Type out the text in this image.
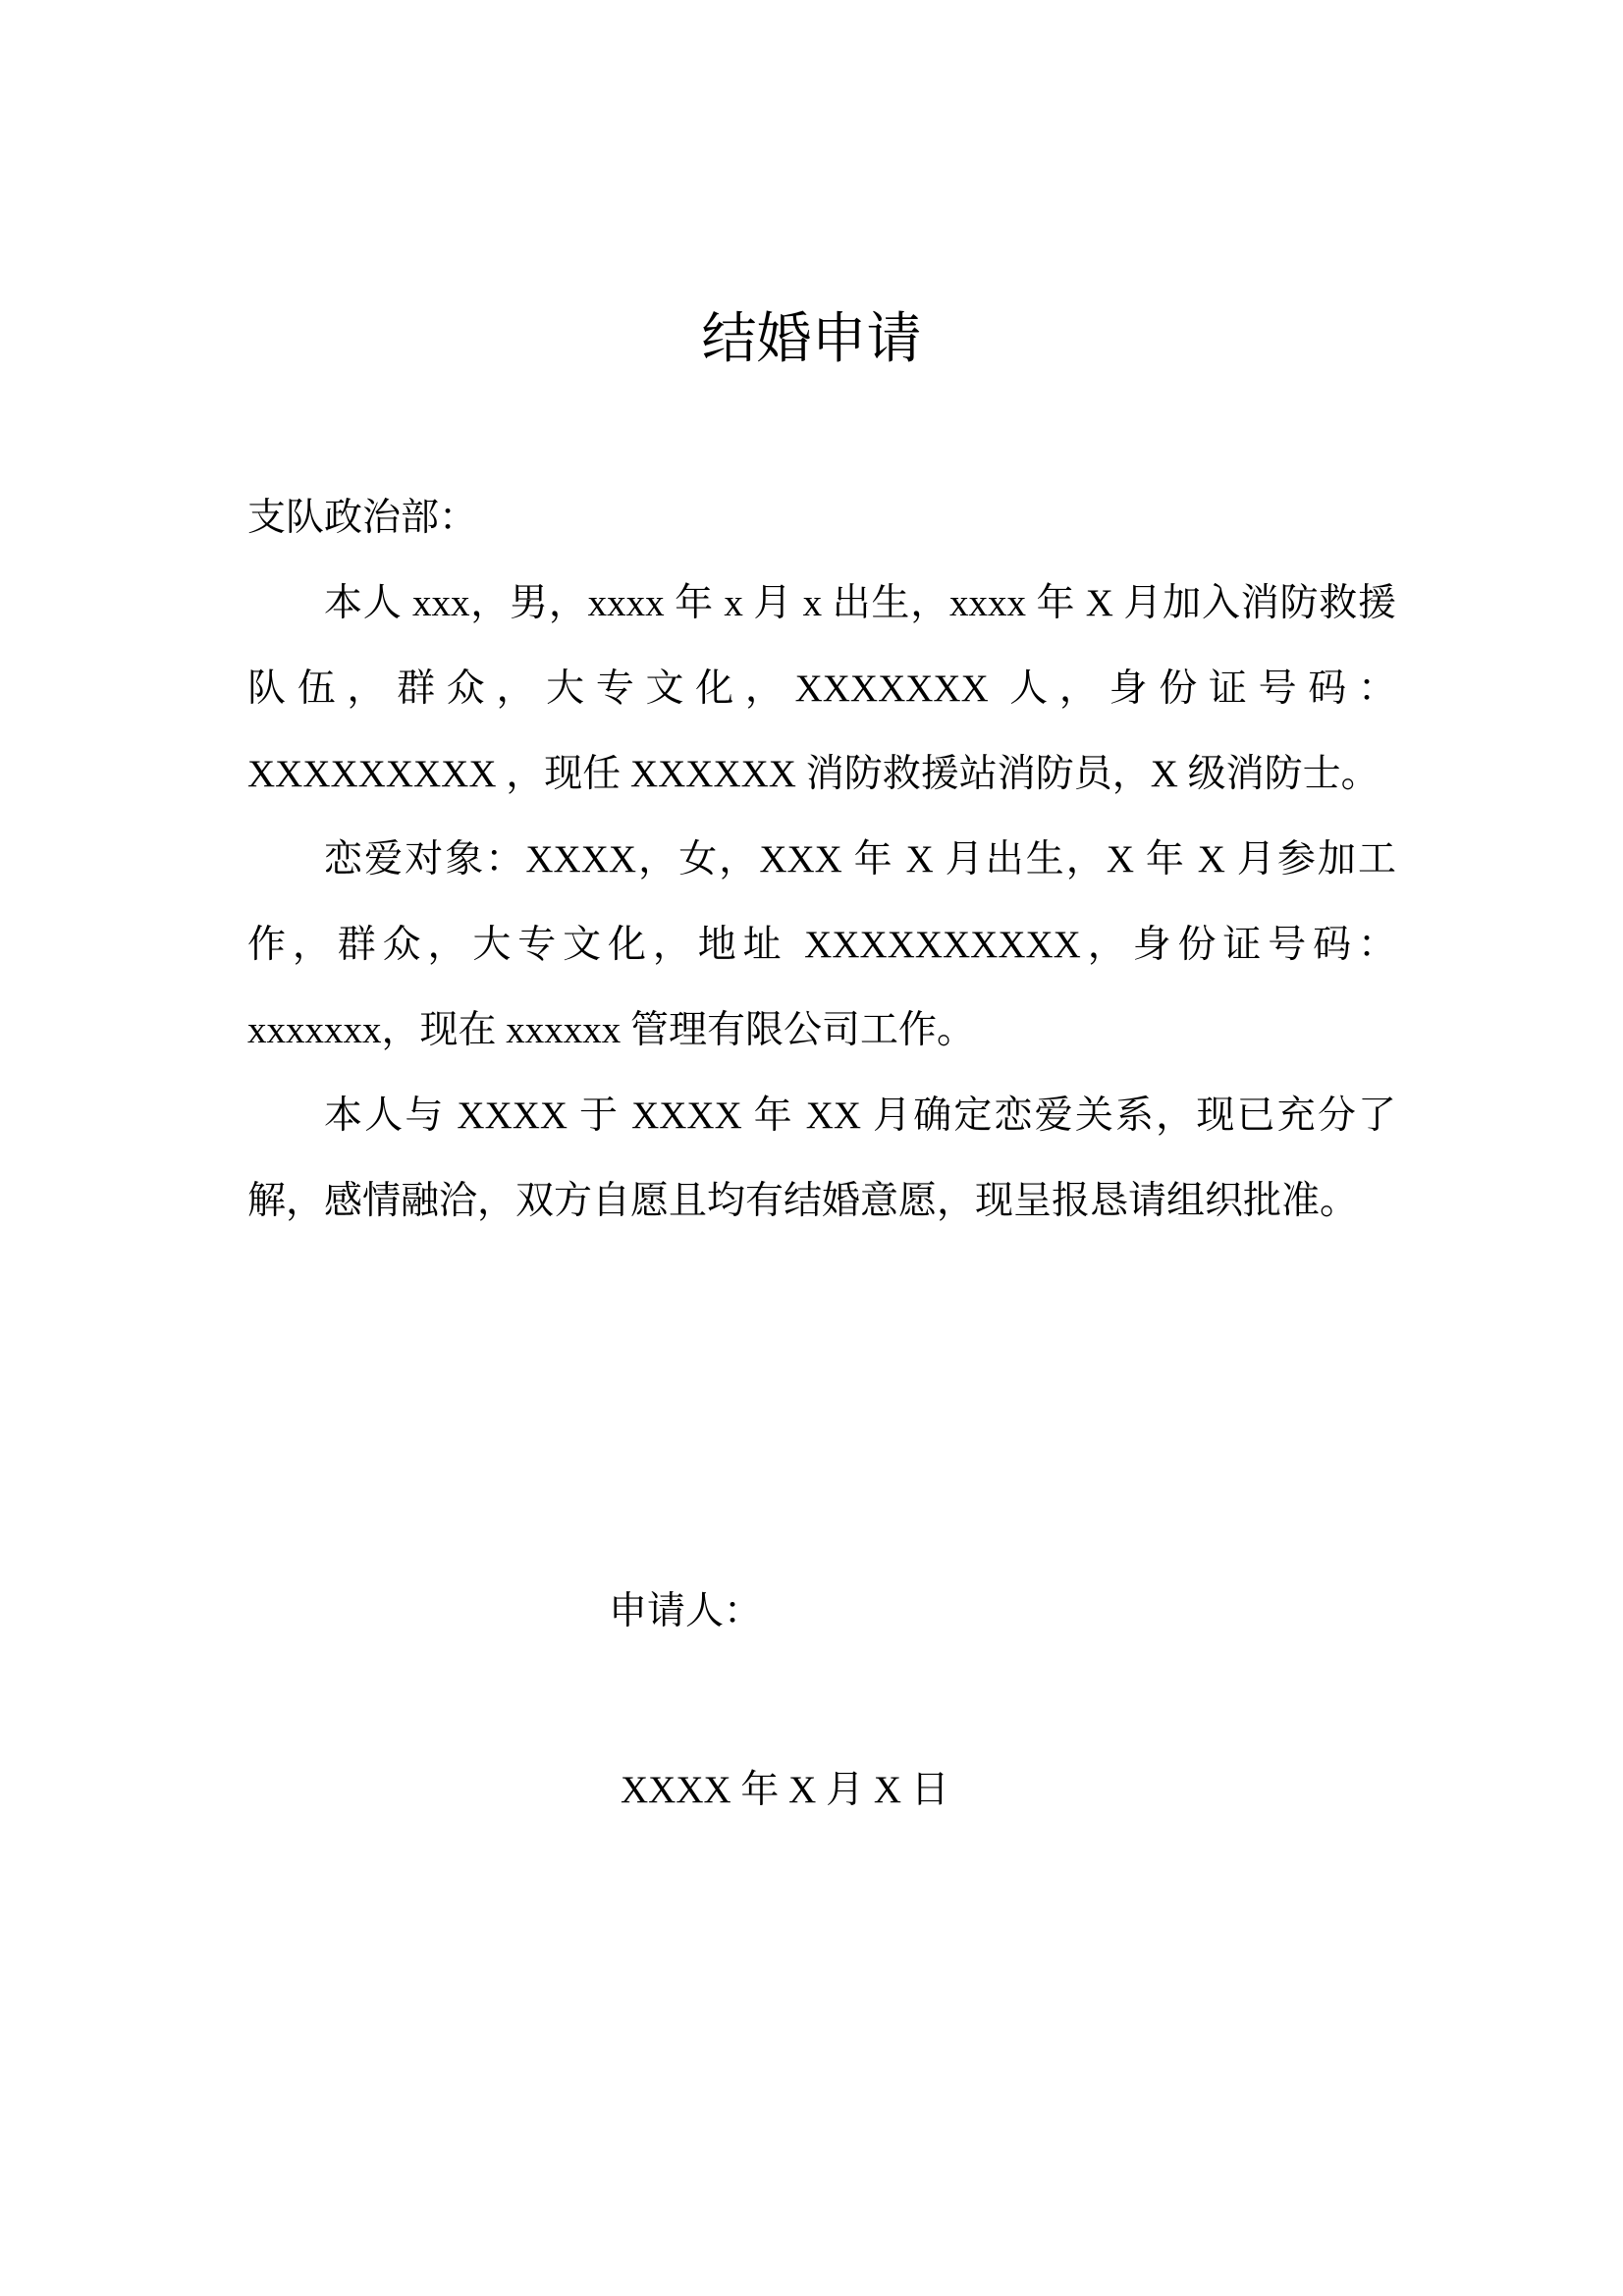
结婚申请

支队政治部：

本人 xxx，男，xxxx 年 x 月 x 出生，xxxx 年 X 月加入消防救援队伍，群众，大专文化，XXXXXXX 人，身份证号码：XXXXXXXXX ，现任 XXXXXX 消防救援站消防员，X 级消防士。

恋爱对象：XXXX，女，XXX 年 X 月出生，X 年 X 月参加工作，群众，大专文化，地址 XXXXXXXXXX，身份证号码：xxxxxxx，现在 xxxxxx 管理有限公司工作。

本人与 XXXX 于 XXXX 年 XX 月确定恋爱关系，现已充分了解，感情融洽，双方自愿且均有结婚意愿，现呈报恳请组织批准。

申请人：
XXXX 年 X 月 X 日
